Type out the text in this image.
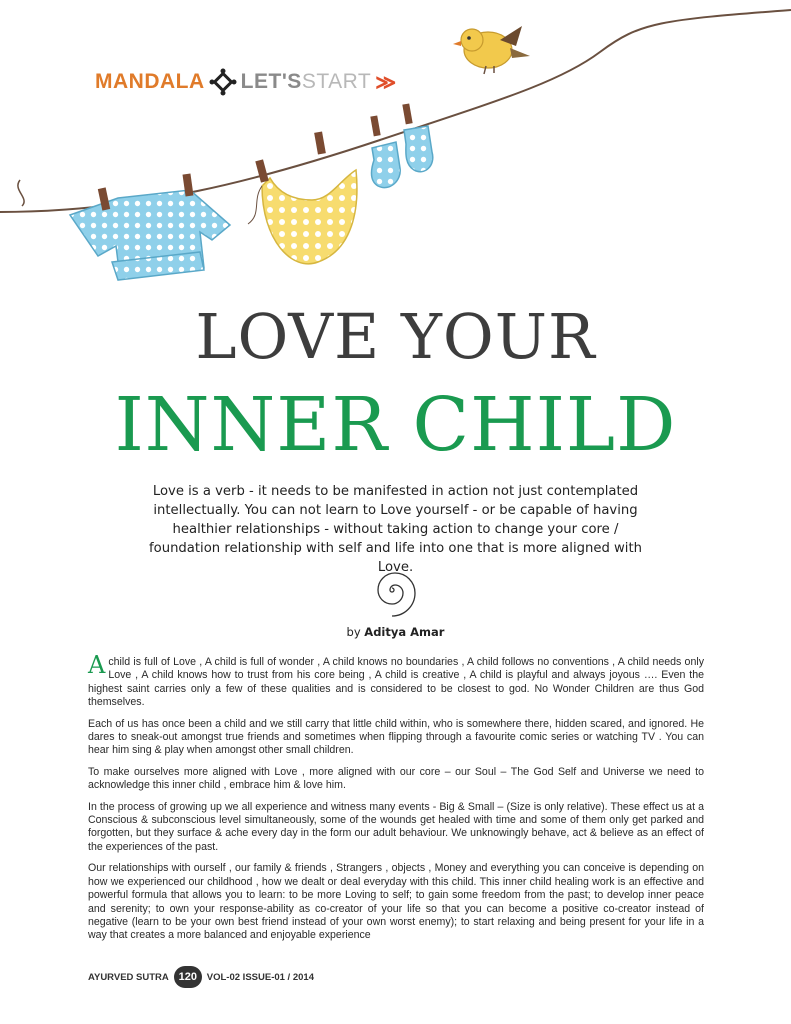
MANDALA LET'S START ≫
LOVE YOUR
INNER CHILD
Love is a verb - it needs to be manifested in action not just contemplated intellectually. You can not learn to Love yourself - or be capable of having healthier relationships - without taking action to change your core / foundation relationship with self and life into one that is more aligned with Love.
by Aditya Amar

A child is full of Love , A child is full of wonder , A child knows no boundaries , A child follows no conventions , A child needs only Love , A child knows how to trust from his core being , A child is creative , A child is playful and always joyous …. Even the highest saint carries only a few of these qualities and is considered to be closest to god. No Wonder Children are thus God themselves.

Each of us has once been a child and we still carry that little child within, who is somewhere there, hidden scared, and ignored. He dares to sneak-out amongst true friends and sometimes when flipping through a favourite comic series or watching TV . You can hear him sing & play when amongst other small children.

To make ourselves more aligned with Love , more aligned with our core – our Soul – The God Self and Universe we need to acknowledge this inner child , embrace him & love him.

In the process of growing up we all experience and witness many events - Big & Small – (Size is only relative). These effect us at a Conscious & subconscious level simultaneously, some of the wounds get healed with time and some of them only get parked and forgotten, but they surface & ache every day in the form our adult behaviour. We unknowingly behave, act & believe as an effect of the experiences of the past.

Our relationships with ourself , our family & friends , Strangers , objects , Money and everything you can conceive is depending on how we experienced our childhood , how we dealt or deal everyday with this child. This inner child healing work is an effective and powerful formula that allows you to learn: to be more Loving to self; to gain some freedom from the past; to develop inner peace and serenity; to own your response-ability as co-creator of your life so that you can become a positive co-creator instead of negative (learn to be your own best friend instead of your own worst enemy); to start relaxing and being present for your life in a way that creates a more balanced and enjoyable experience

AYURVED SUTRA 120	VOL-02 ISSUE-01 / 2014
